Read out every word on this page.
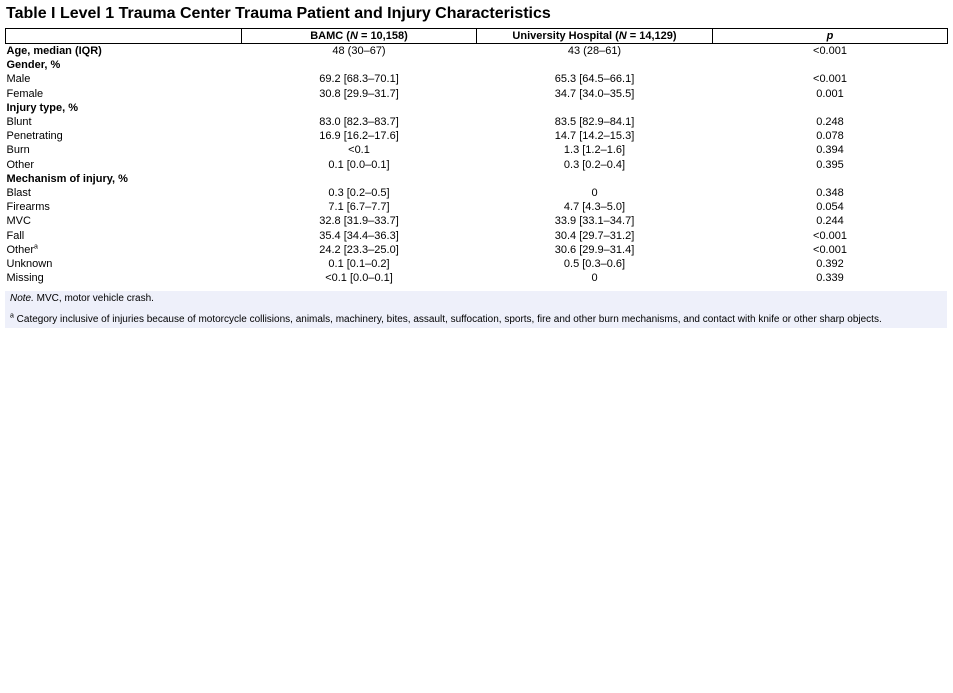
Table I Level 1 Trauma Center Trauma Patient and Injury Characteristics
	BAMC (N = 10,158)	University Hospital (N = 14,129)	p
Age, median (IQR)	48 (30–67)	43 (28–61)	<0.001
Gender, %			
Male	69.2 [68.3–70.1]	65.3 [64.5–66.1]	<0.001
Female	30.8 [29.9–31.7]	34.7 [34.0–35.5]	0.001
Injury type, %			
Blunt	83.0 [82.3–83.7]	83.5 [82.9–84.1]	0.248
Penetrating	16.9 [16.2–17.6]	14.7 [14.2–15.3]	0.078
Burn	<0.1	1.3 [1.2–1.6]	0.394
Other	0.1 [0.0–0.1]	0.3 [0.2–0.4]	0.395
Mechanism of injury, %			
Blast	0.3 [0.2–0.5]	0	0.348
Firearms	7.1 [6.7–7.7]	4.7 [4.3–5.0]	0.054
MVC	32.8 [31.9–33.7]	33.9 [33.1–34.7]	0.244
Fall	35.4 [34.4–36.3]	30.4 [29.7–31.2]	<0.001
Other$^a$	24.2 [23.3–25.0]	30.6 [29.9–31.4]	<0.001
Unknown	0.1 [0.1–0.2]	0.5 [0.3–0.6]	0.392
Missing	<0.1 [0.0–0.1]	0	0.339
Note. MVC, motor vehicle crash.
$^a$ Category inclusive of injuries because of motorcycle collisions, animals, machinery, bites, assault, suffocation, sports, fire and other burn mechanisms, and contact with knife or other sharp objects.
